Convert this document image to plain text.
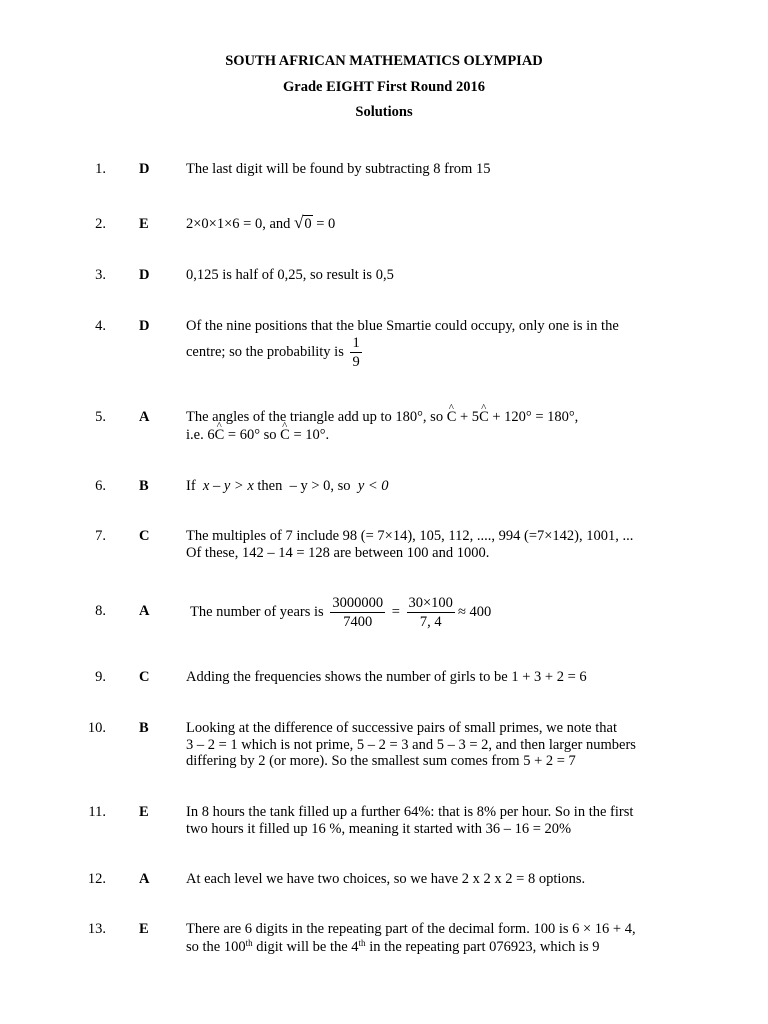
SOUTH AFRICAN MATHEMATICS OLYMPIAD
Grade EIGHT First Round 2016
Solutions
1. D	The last digit will be found by subtracting 8 from 15
2. E	2×0×1×6 = 0, and √0 = 0
3. D	0,125 is half of 0,25, so result is 0,5
4. D	Of the nine positions that the blue Smartie could occupy, only one is in the
centre; so the probability is $\frac{1}{9}$
5. A	The angles of the triangle add up to 180°, so ^ C + 5^ C + 120° = 180°,
i.e. 6^ C = 60° so ^ C = 10°.
6. B	If x – y > x then – y > 0, so y < 0
7. C	The multiples of 7 include 98 (= 7×14), 105, 112, ...., 994 (=7×142), 1001, ...
Of these, 142 – 14 = 128 are between 100 and 1000.
8. A	The number of years is $\frac{3000000}{7400} = \frac{30\times 100}{7, 4} \approx 400$
9. C	Adding the frequencies shows the number of girls to be 1 + 3 + 2 = 6
10. B	Looking at the difference of successive pairs of small primes, we note that
3 – 2 = 1 which is not prime, 5 – 2 = 3 and 5 – 3 = 2, and then larger numbers
differing by 2 (or more). So the smallest sum comes from 5 + 2 = 7
11. E	In 8 hours the tank filled up a further 64%: that is 8% per hour. So in the first
two hours it filled up 16 %, meaning it started with 36 – 16 = 20%
12. A	At each level we have two choices, so we have 2 x 2 x 2 = 8 options.
13. E	There are 6 digits in the repeating part of the decimal form. 100 is 6 × 16 + 4,
so the 100th digit will be the 4th in the repeating part 076923, which is 9
